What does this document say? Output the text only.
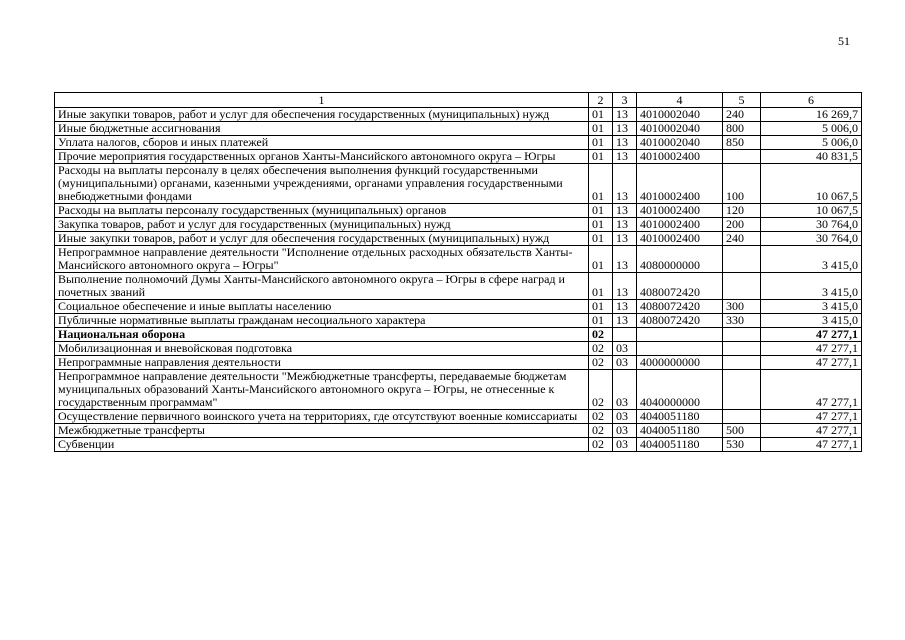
51
1	2	3	4	5	6
Иные закупки товаров, работ и услуг для обеспечения государственных (муниципальных) нужд	01	13	4010002040	240	16 269,7
Иные бюджетные ассигнования	01	13	4010002040	800	5 006,0
Уплата налогов, сборов и иных платежей	01	13	4010002040	850	5 006,0
Прочие мероприятия государственных органов Ханты-Мансийского автономного округа – Югры	01	13	4010002400		40 831,5
Расходы на выплаты персоналу в целях обеспечения выполнения функций государственными (муниципальными) органами, казенными учреждениями, органами управления государственными внебюджетными фондами	01	13	4010002400	100	10 067,5
Расходы на выплаты персоналу государственных (муниципальных) органов	01	13	4010002400	120	10 067,5
Закупка товаров, работ и услуг для государственных (муниципальных) нужд	01	13	4010002400	200	30 764,0
Иные закупки товаров, работ и услуг для обеспечения государственных (муниципальных) нужд	01	13	4010002400	240	30 764,0
Непрограммное направление деятельности "Исполнение отдельных расходных обязательств Ханты-Мансийского автономного округа – Югры"	01	13	4080000000		3 415,0
Выполнение полномочий Думы Ханты-Мансийского автономного округа – Югры в сфере наград и почетных званий	01	13	4080072420		3 415,0
Социальное обеспечение и иные выплаты населению	01	13	4080072420	300	3 415,0
Публичные нормативные выплаты гражданам несоциального характера	01	13	4080072420	330	3 415,0
Национальная оборона	02				47 277,1
Мобилизационная и вневойсковая подготовка	02	03			47 277,1
Непрограммные направления деятельности	02	03	4000000000		47 277,1
Непрограммное направление деятельности "Межбюджетные трансферты, передаваемые бюджетам муниципальных образований Ханты-Мансийского автономного округа – Югры, не отнесенные к государственным программам"	02	03	4040000000		47 277,1
Осуществление первичного воинского учета на территориях, где отсутствуют военные комиссариаты	02	03	4040051180		47 277,1
Межбюджетные трансферты	02	03	4040051180	500	47 277,1
Субвенции	02	03	4040051180	530	47 277,1
